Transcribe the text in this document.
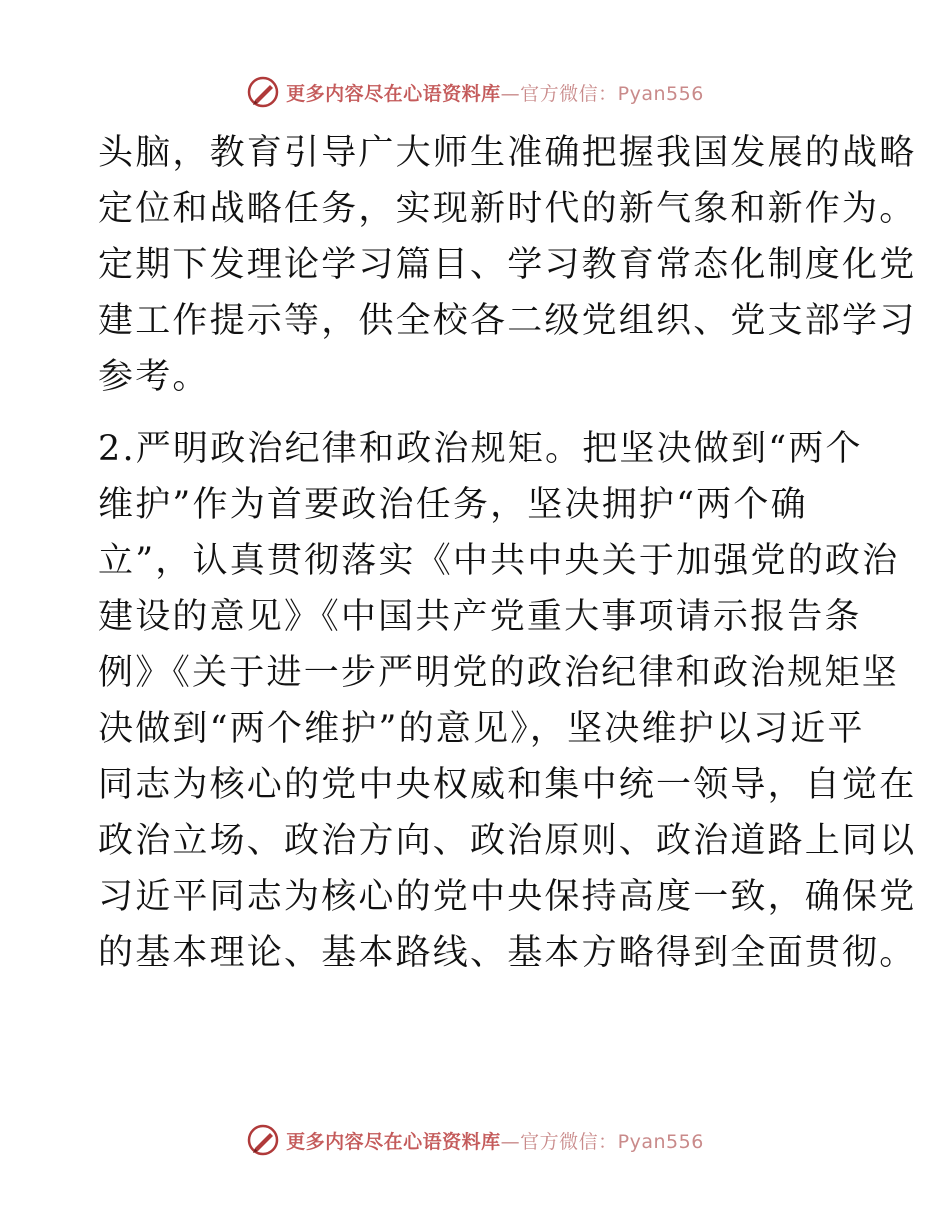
更多内容尽在心语资料库—官方微信：Pyan556

头脑，教育引导广大师生准确把握我国发展的战略
定位和战略任务，实现新时代的新气象和新作为。
定期下发理论学习篇目、学习教育常态化制度化党
建工作提示等，供全校各二级党组织、党支部学习
参考。

2.严明政治纪律和政治规矩。把坚决做到“两个
维护”作为首要政治任务，坚决拥护“两个确
立”，认真贯彻落实《中共中央关于加强党的政治
建设的意见》《中国共产党重大事项请示报告条
例》《关于进一步严明党的政治纪律和政治规矩坚
决做到“两个维护”的意见》，坚决维护以习近平
同志为核心的党中央权威和集中统一领导，自觉在
政治立场、政治方向、政治原则、政治道路上同以
习近平同志为核心的党中央保持高度一致，确保党
的基本理论、基本路线、基本方略得到全面贯彻。

更多内容尽在心语资料库—官方微信：Pyan556
